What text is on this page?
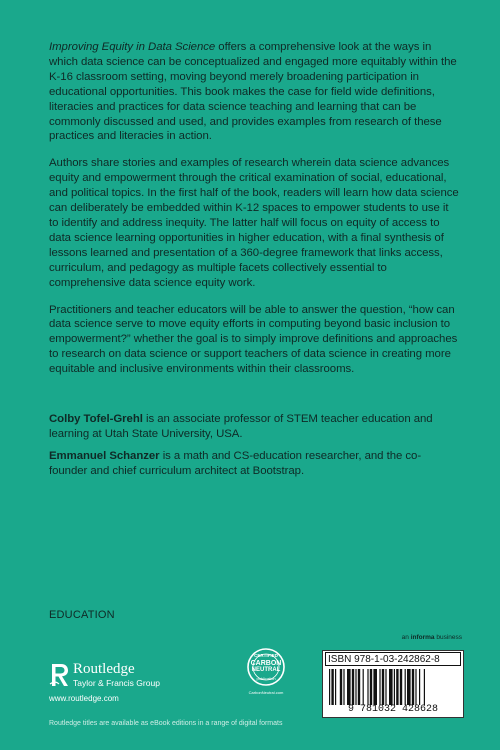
Improving Equity in Data Science offers a comprehensive look at the ways in which data science can be conceptualized and engaged more equitably within the K-16 classroom setting, moving beyond merely broadening participation in educational opportunities. This book makes the case for field wide definitions, literacies and practices for data science teaching and learning that can be commonly discussed and used, and provides examples from research of these practices and literacies in action.

Authors share stories and examples of research wherein data science advances equity and empowerment through the critical examination of social, educational, and political topics. In the first half of the book, readers will learn how data science can deliberately be embedded within K-12 spaces to empower students to use it to identify and address inequity. The latter half will focus on equity of access to data science learning opportunities in higher education, with a final synthesis of lessons learned and presentation of a 360-degree framework that links access, curriculum, and pedagogy as multiple facets collectively essential to comprehensive data science equity work.

Practitioners and teacher educators will be able to answer the question, “how can data science serve to move equity efforts in computing beyond basic inclusion to empowerment?” whether the goal is to simply improve definitions and approaches to research on data science or support teachers of data science in creating more equitable and inclusive environments within their classrooms.

Colby Tofel-Grehl is an associate professor of STEM teacher education and learning at Utah State University, USA.

Emmanuel Schanzer is a math and CS-education researcher, and the co-founder and chief curriculum architect at Bootstrap.

EDUCATION
Routledge
Taylor & Francis Group
www.routledge.com
CERTIFIED
CARBON
NEUTRAL
publication
CarbonNeutral.com
an informa business
ISBN 978-1-03-242862-8
9 781032 428628
Routledge titles are available as eBook editions in a range of digital formats
